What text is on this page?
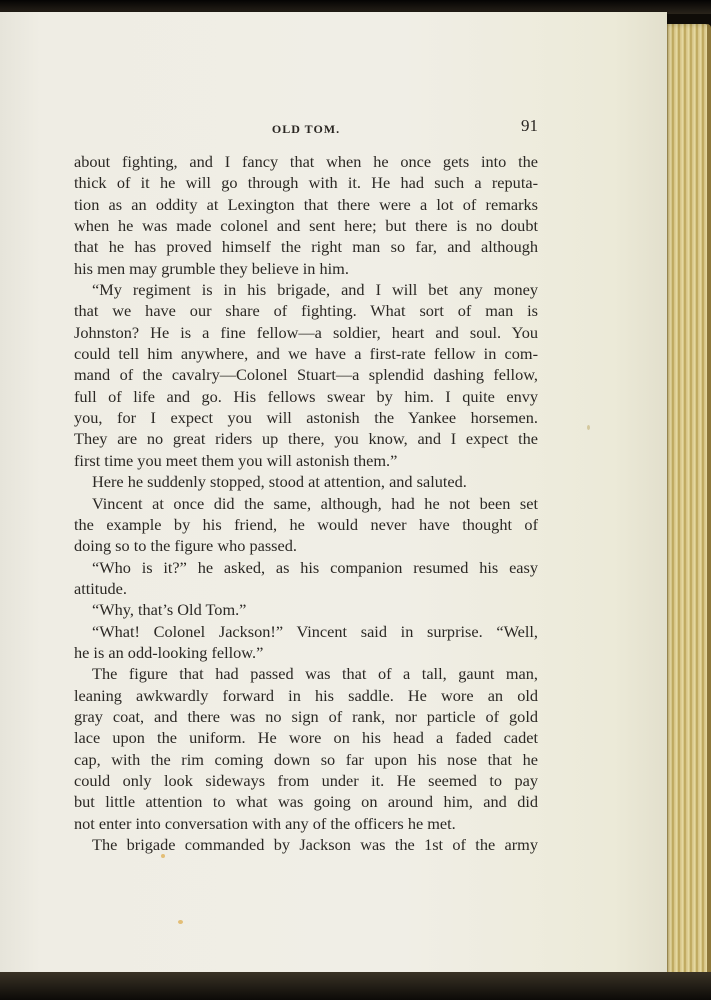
OLD TOM.	91
about fighting, and I fancy that when he once gets into the
thick of it he will go through with it. He had such a reputa-
tion as an oddity at Lexington that there were a lot of remarks
when he was made colonel and sent here; but there is no doubt
that he has proved himself the right man so far, and although
his men may grumble they believe in him.
“My regiment is in his brigade, and I will bet any money
that we have our share of fighting. What sort of man is
Johnston? He is a fine fellow—a soldier, heart and soul. You
could tell him anywhere, and we have a first-rate fellow in com-
mand of the cavalry—Colonel Stuart—a splendid dashing fellow,
full of life and go. His fellows swear by him. I quite envy
you, for I expect you will astonish the Yankee horsemen.
They are no great riders up there, you know, and I expect the
first time you meet them you will astonish them.”
Here he suddenly stopped, stood at attention, and saluted.
Vincent at once did the same, although, had he not been set
the example by his friend, he would never have thought of
doing so to the figure who passed.
“Who is it?” he asked, as his companion resumed his easy
attitude.
“Why, that’s Old Tom.”
“What! Colonel Jackson!” Vincent said in surprise. “Well,
he is an odd-looking fellow.”
The figure that had passed was that of a tall, gaunt man,
leaning awkwardly forward in his saddle. He wore an old
gray coat, and there was no sign of rank, nor particle of gold
lace upon the uniform. He wore on his head a faded cadet
cap, with the rim coming down so far upon his nose that he
could only look sideways from under it. He seemed to pay
but little attention to what was going on around him, and did
not enter into conversation with any of the officers he met.
The brigade commanded by Jackson was the 1st of the army
